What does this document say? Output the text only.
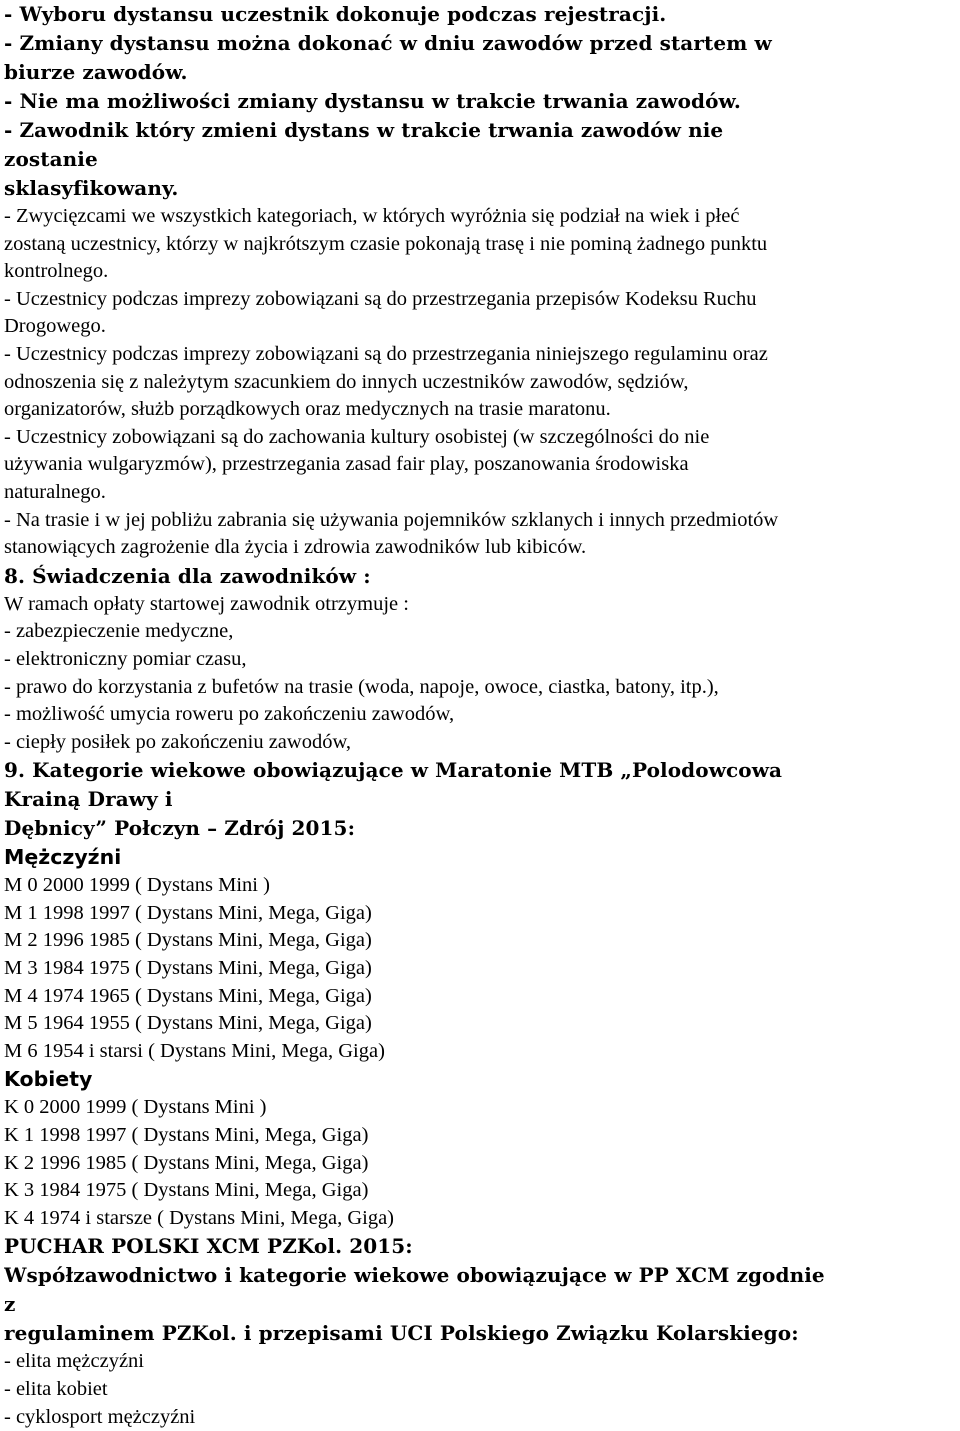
- Wyboru dystansu uczestnik dokonuje podczas rejestracji.
- Zmiany dystansu można dokonać w dniu zawodów przed startem w
biurze zawodów.
- Nie ma możliwości zmiany dystansu w trakcie trwania zawodów.
- Zawodnik który zmieni dystans w trakcie trwania zawodów nie
zostanie
sklasyfikowany.
- Zwycięzcami we wszystkich kategoriach, w których wyróżnia się podział na wiek i płeć
zostaną uczestnicy, którzy w najkrótszym czasie pokonają trasę i nie pominą żadnego punktu
kontrolnego.
- Uczestnicy podczas imprezy zobowiązani są do przestrzegania przepisów Kodeksu Ruchu
Drogowego.
- Uczestnicy podczas imprezy zobowiązani są do przestrzegania niniejszego regulaminu oraz
odnoszenia się z należytym szacunkiem do innych uczestników zawodów, sędziów,
organizatorów, służb porządkowych oraz medycznych na trasie maratonu.
- Uczestnicy zobowiązani są do zachowania kultury osobistej (w szczególności do nie
używania wulgaryzmów), przestrzegania zasad fair play, poszanowania środowiska
naturalnego.
- Na trasie i w jej pobliżu zabrania się używania pojemników szklanych i innych przedmiotów
stanowiących zagrożenie dla życia i zdrowia zawodników lub kibiców.
8. Świadczenia dla zawodników :
W ramach opłaty startowej zawodnik otrzymuje :
- zabezpieczenie medyczne,
- elektroniczny pomiar czasu,
- prawo do korzystania z bufetów na trasie (woda, napoje, owoce, ciastka, batony, itp.),
- możliwość umycia roweru po zakończeniu zawodów,
- ciepły posiłek po zakończeniu zawodów,
9. Kategorie wiekowe obowiązujące w Maratonie MTB „Polodowcowa
Krainą Drawy i
Dębnicy” Połczyn – Zdrój 2015:
Mężczyźni
M 0 2000 1999 ( Dystans Mini )
M 1 1998 1997 ( Dystans Mini, Mega, Giga)
M 2 1996 1985 ( Dystans Mini, Mega, Giga)
M 3 1984 1975 ( Dystans Mini, Mega, Giga)
M 4 1974 1965 ( Dystans Mini, Mega, Giga)
M 5 1964 1955 ( Dystans Mini, Mega, Giga)
M 6 1954 i starsi ( Dystans Mini, Mega, Giga)
Kobiety
K 0 2000 1999 ( Dystans Mini )
K 1 1998 1997 ( Dystans Mini, Mega, Giga)
K 2 1996 1985 ( Dystans Mini, Mega, Giga)
K 3 1984 1975 ( Dystans Mini, Mega, Giga)
K 4 1974 i starsze ( Dystans Mini, Mega, Giga)
PUCHAR POLSKI XCM PZKol. 2015:
Współzawodnictwo i kategorie wiekowe obowiązujące w PP XCM zgodnie
z
regulaminem PZKol. i przepisami UCI Polskiego Związku Kolarskiego:
- elita mężczyźni
- elita kobiet
- cyklosport mężczyźni
